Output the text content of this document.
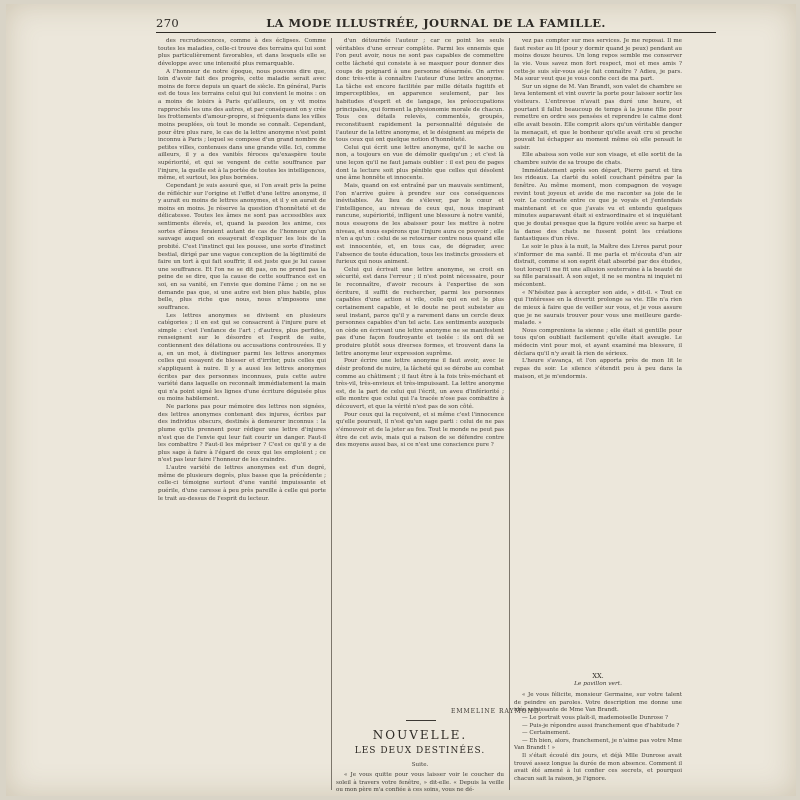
270	LA MODE ILLUSTRÉE, JOURNAL DE LA FAMILLE.

des recrudescences, comme à des éclipses. Comme toutes les maladies, celle-ci trouve des terrains qui lui sont plus particulièrement favorables, et dans lesquels elle se développe avec une intensité plus remarquable.

A l'honneur de notre époque, nous pouvons dire que, loin d'avoir fait des progrès, cette maladie serait avec moins de force depuis un quart de siècle. En général, Paris est de tous les terrains celui qui lui convient le moins : on a moins de loisirs à Paris qu'ailleurs, on y vit moins rapprochés les uns des autres, et par conséquent on y crée les frottements d'amour-propre, si fréquents dans les villes moins peuplées, où tout le monde se connaît. Cependant, pour être plus rare, le cas de la lettre anonyme n'est point inconnu à Paris ; lequel se compose d'un grand nombre de petites villes, contenues dans une grande ville. Ici, comme ailleurs, il y a des vanités féroces qu'exaspère toute supériorité, et qui se vengent de cette souffrance par l'injure, la quelle est à la portée de toutes les intelligences, même, et surtout, les plus bornées.

Cependant je suis assuré que, si l'on avait pris la peine de réfléchir sur l'origine et l'effet d'une lettre anonyme, il y aurait eu moins de lettres anonymes, et il y en aurait de moins en moins. Je réserve la question d'honnêteté et de délicatesse. Toutes les âmes ne sont pas accessibles aux sentiments élevés, et, quand la passion les anime, ces sortes d'âmes feraient autant de cas de l'honneur qu'un sauvage auquel on essayerait d'expliquer les lois de la probité. C'est l'instinct qui les pousse, une sorte d'instinct bestial, dirigé par une vague conception de la légitimité de faire un tort à qui fait souffrir, il est juste que je lui cause une souffrance. Et l'on ne se dit pas, on ne prend pas la peine de se dire, que la cause de cette souffrance est en soi, en sa vanité, en l'envie que domine l'âme ; on ne se demande pas que, si une autre est bien plus habile, plus belle, plus riche que nous, nous n'imposons une souffrance.

Les lettres anonymes se divisent en plusieurs catégories ; il en est qui se consacrent à l'injure pure et simple : c'est l'enfance de l'art ; d'autres, plus perfides, renseignent sur le désordre et l'esprit de suite, contiennent des délations ou accusations controuvées. Il y a, en un mot, à distinguer parmi les lettres anonymes celles qui essayent de blesser et d'irriter, puis celles qui s'appliquent à nuire. Il y a aussi les lettres anonymes écrites par des personnes inconnues, puis cette autre variété dans laquelle on reconnaît immédiatement la main qui n'a point signé les lignes d'une écriture déguisée plus ou moins habilement.

Ne parlons pas pour mémoire des lettres non signées, des lettres anonymes contenant des injures, écrites par des individus obscurs, destinés à demeurer inconnus : la plume qu'ils prennent pour rédiger une lettre d'injures n'est que de l'envie qui leur fait courir un danger. Faut-il les combattre ? Faut-il les mépriser ? C'est ce qu'il y a de plus sage à faire à l'égard de ceux qui les emploient ; ce n'est pas leur faire l'honneur de les craindre.

L'autre variété de lettres anonymes est d'un degré, même de plusieurs degrés, plus basse que la précédente ; celle-ci témoigne surtout d'une vanité impuissante et puérile, d'une caresse à peu près pareille à celle qui porte le trait au-dessus de l'esprit du lecteur.

d'un détournée l'auteur ; car ce point les seuls véritables d'une erreur complète. Parmi les ennemis que l'on peut avoir, nous ne sont pas capables de commettre cette lâcheté qui consiste à se masquer pour donner des coups de poignard à une personne désarmée. On arrive donc très-vite à connaître l'auteur d'une lettre anonyme. La tâche est encore facilitée par mille détails fugitifs et imperceptibles, en apparence seulement, par les habitudes d'esprit et de langage, les préoccupations principales, qui forment la physionomie morale de chacun. Tous ces détails relevés, commentés, groupés, reconstituent rapidement la personnalité déguisée de l'auteur de la lettre anonyme, et le désignent au mépris de tous ceux qui ont quelque notion d'honnêteté.

Celui qui écrit une lettre anonyme, qu'il le sache ou non, a toujours en vue de démolir quelqu'un ; et c'est là une leçon qu'il ne faut jamais oublier : il est peu de pages dont la lecture soit plus pénible que celles qui désolent une âme honnête et innocente.

Mais, quand on est entraîné par un mauvais sentiment, l'on n'arrive guère à prendre sur ces conséquences inévitables. Au lieu de s'élever, par le cœur et l'intelligence, au niveau de ceux qui, nous inspirant rancune, supériorité, infligent une blessure à notre vanité, nous essayons de les abaisser pour les mettre à notre niveau, et nous espérons que l'injure aura ce pouvoir ; elle n'en a qu'un : celui de se retourner contre nous quand elle est innocentée, et, en tous cas, de dégrader, avec l'absence de toute éducation, tous les instincts grossiers et furieux qui nous animent.

Celui qui écrivait une lettre anonyme, se croit en sécurité, est dans l'erreur ; il n'est point nécessaire, pour le reconnaître, d'avoir recours à l'expertise de son écriture, il suffit de rechercher, parmi les personnes capables d'une action si vile, celle qui en est le plus certainement capable, et le doute ne peut subsister au seul instant, parce qu'il y a rarement dans un cercle deux personnes capables d'un tel acte. Les sentiments auxquels on cède en écrivant une lettre anonyme ne se manifestent pas d'une façon foudroyante et isolée : ils ont dû se produire plutôt sous diverses formes, et trouvent dans la lettre anonyme leur expression suprême.

Pour écrire une lettre anonyme il faut avoir, avec le désir profond de nuire, la lâcheté qui se dérobe au combat comme au châtiment ; il faut être à la fois très-méchant et très-vil, très-envieux et très-impuissant. La lettre anonyme est, de la part de celui qui l'écrit, un aveu d'infériorité ; elle montre que celui qui l'a tracée n'ose pas combattre à découvert, et que la vérité n'est pas de son côté.

Pour ceux qui la reçoivent, et si même c'est l'innocence qu'elle poursuit, il n'est qu'un sage parti : celui de ne pas s'émouvoir et de la jeter au feu. Tout le monde ne peut pas être de cet avis, mais qui a raison de se défendre contre des moyens aussi bas, si ce n'est une conscience pure ?

EMMELINE RAYMOND.
NOUVELLE.
LES DEUX DESTINÉES.
Suite.

« Je vous quitte pour vous laisser voir le coucher du soleil à travers votre fenêtre, » dit-elle. « Depuis la veille ou mon père m'a confiée à ces soins, vous ne dé-

vez pas compter sur mes services. Je me reposai. Il me faut rester au lit (pour y dormir quand je peux) pendant au moins douze heures. Un long repos semble me conserver la vie. Vous savez mon fort respect, moi et mes amis ? cette-je suis sûr-vous ai-je fait connaître ? Adieu, je pars. Ma sœur veut que je vous confie ceci de ma part.

Sur un signe de M. Van Brandt, son valet de chambre se leva lentement et vint ouvrir la porte pour laisser sortir les visiteurs. L'entrevue n'avait pas duré une heure, et pourtant il fallut beaucoup de temps à la jeune fille pour remettre en ordre ses pensées et reprendre le calme dont elle avait besoin. Elle comprit alors qu'un véritable danger la menaçait, et que le bonheur qu'elle avait cru si proche pouvait lui échapper au moment même où elle pensait le saisir.

Elle abaissa son voile sur son visage, et elle sortit de la chambre suivie de sa troupe de chats.

Immédiatement après son départ, Pierre parut et tira les rideaux. La clarté du soleil couchant pénétra par la fenêtre. Au même moment, mon compagnon de voyage revint tout joyeux et avide de me raconter sa joie de le voir. Le contraste entre ce que je voyais et j'entendais maintenant et ce que j'avais vu et entendu quelques minutes auparavant était si extraordinaire et si inquiétant que je doutai presque que la figure voilée avec sa harpe et la danse des chats ne fussent point les créations fantastiques d'un rêve.

Le soir le plus à la nuit, la Maître des Livres parut pour s'informer de ma santé. Il me parla et m'écouta d'un air distrait, comme si son esprit était absorbé par des études, tout lorsqu'il me fit une allusion souterraine à la beauté de sa fille paraissait. À son sujet, il ne se montra ni inquiet ni mécontent.

« N'hésitez pas à accepter son aide, » dit-il. « Tout ce qui l'intéresse en la divertit prolonge sa vie. Elle n'a rien de mieux à faire que de veiller sur vous, et je vous assure que je ne saurais trouver pour vous une meilleure garde-malade. »

Nous comprenions la sienne ; elle était si gentille pour tous qu'on oubliait facilement qu'elle était aveugle. Le médecin vint pour moi, et ayant examiné ma blessure, il déclara qu'il n'y avait là rien de sérieux.

L'heure s'avança, et l'on apporta près de mon lit le repas du soir. Le silence s'étendit peu à peu dans la maison, et je m'endormis.

XX.
Le pavillon vert.

« Je vous félicite, monsieur Germaine, sur votre talent de peindre en paroles. Votre description me donne une idée saisissante de Mme Van Brandt.

— Le portrait vous plaît-il, mademoiselle Dunrose ?

— Puis-je répondre aussi franchement que d'habitude ?

— Certainement.

— Eh bien, alors, franchement, je n'aime pas votre Mme Van Brandt ! »

Il s'était écoulé dix jours, et déjà Mlle Dunrose avait trouvé assez longue la durée de mon absence. Comment il avait été amené à lui confier ces secrets, et pourquoi chacun sait la raison, je l'ignore.
